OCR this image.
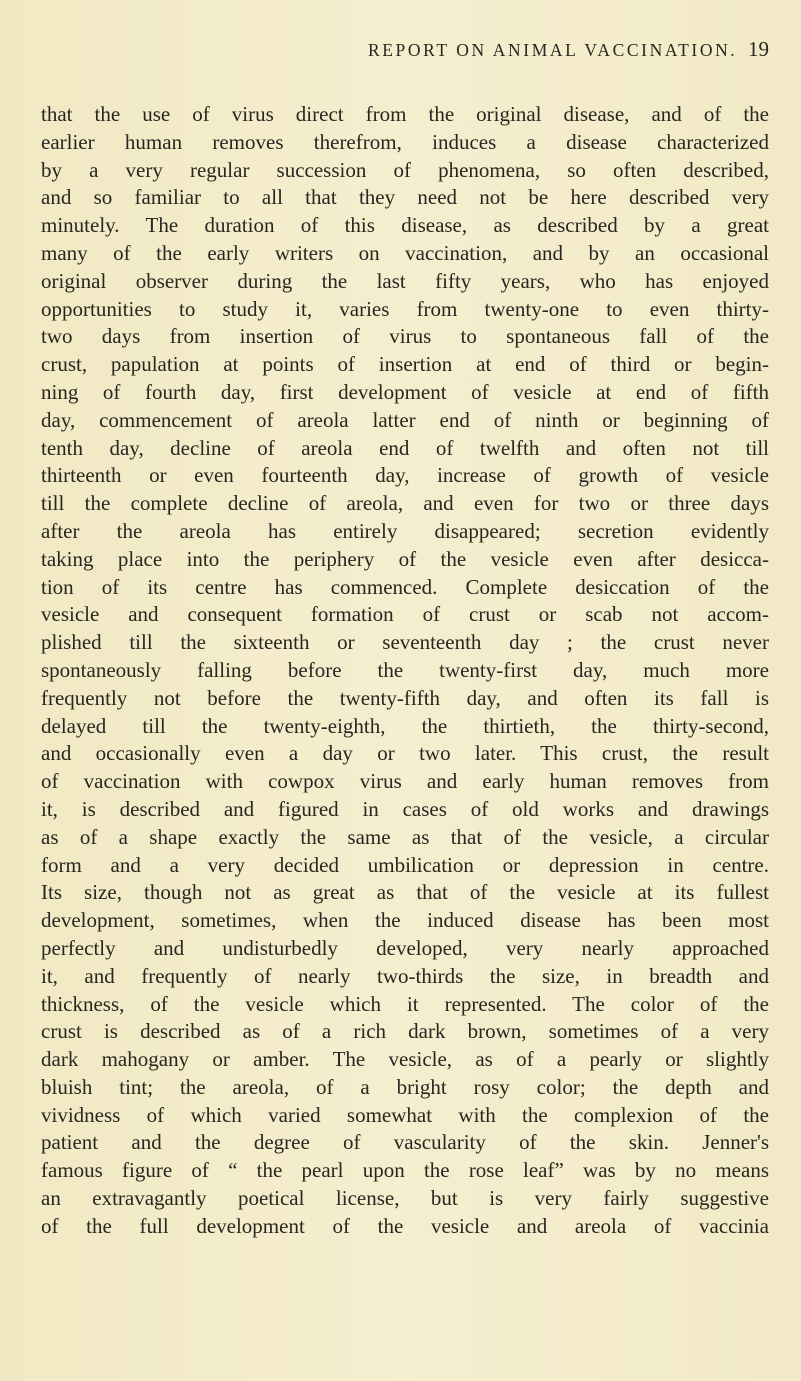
REPORT ON ANIMAL VACCINATION. 19
that the use of virus direct from the original disease, and of the
earlier human removes therefrom, induces a disease characterized
by a very regular succession of phenomena, so often described,
and so familiar to all that they need not be here described very
minutely. The duration of this disease, as described by a great
many of the early writers on vaccination, and by an occasional
original observer during the last fifty years, who has enjoyed
opportunities to study it, varies from twenty-one to even thirty-
two days from insertion of virus to spontaneous fall of the
crust, papulation at points of insertion at end of third or begin-
ning of fourth day, first development of vesicle at end of fifth
day, commencement of areola latter end of ninth or beginning of
tenth day, decline of areola end of twelfth and often not till
thirteenth or even fourteenth day, increase of growth of vesicle
till the complete decline of areola, and even for two or three days
after the areola has entirely disappeared; secretion evidently
taking place into the periphery of the vesicle even after desicca-
tion of its centre has commenced. Complete desiccation of the
vesicle and consequent formation of crust or scab not accom-
plished till the sixteenth or seventeenth day ; the crust never
spontaneously falling before the twenty-first day, much more
frequently not before the twenty-fifth day, and often its fall is
delayed till the twenty-eighth, the thirtieth, the thirty-second,
and occasionally even a day or two later. This crust, the result
of vaccination with cowpox virus and early human removes from
it, is described and figured in cases of old works and drawings
as of a shape exactly the same as that of the vesicle, a circular
form and a very decided umbilication or depression in centre.
Its size, though not as great as that of the vesicle at its fullest
development, sometimes, when the induced disease has been most
perfectly and undisturbedly developed, very nearly approached
it, and frequently of nearly two-thirds the size, in breadth and
thickness, of the vesicle which it represented. The color of the
crust is described as of a rich dark brown, sometimes of a very
dark mahogany or amber. The vesicle, as of a pearly or slightly
bluish tint; the areola, of a bright rosy color; the depth and
vividness of which varied somewhat with the complexion of the
patient and the degree of vascularity of the skin. Jenner's
famous figure of “ the pearl upon the rose leaf” was by no means
an extravagantly poetical license, but is very fairly suggestive
of the full development of the vesicle and areola of vaccinia
